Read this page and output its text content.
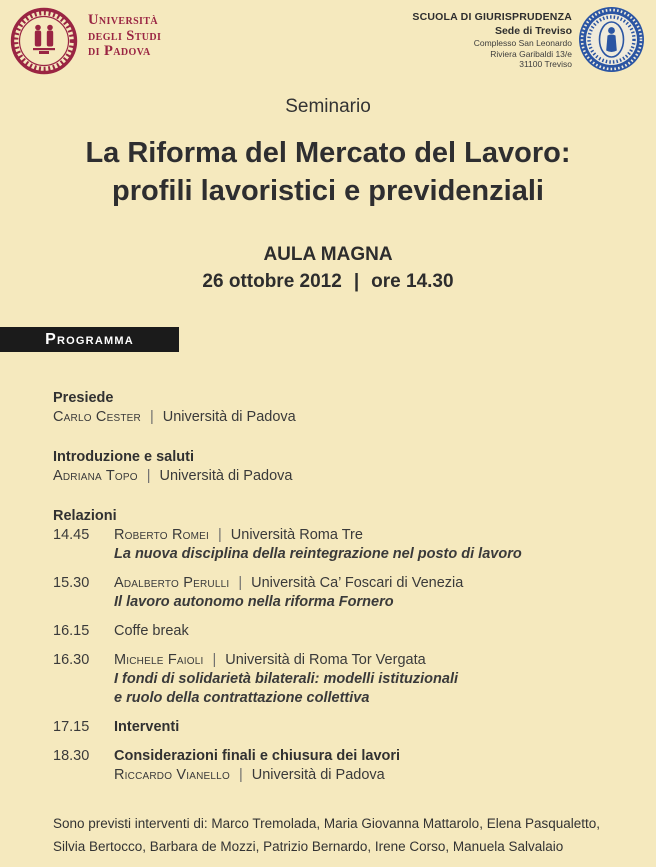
Università
degli Studi
di Padova
SCUOLA DI GIURISPRUDENZA
Sede di Treviso
Complesso San Leonardo
Riviera Garibaldi 13/e
31100 Treviso
Seminario
La Riforma del Mercato del Lavoro:
profili lavoristici e previdenziali
AULA MAGNA
26 ottobre 2012 | ore 14.30
Programma
Presiede
Carlo Cester | Università di Padova
Introduzione e saluti
Adriana Topo | Università di Padova
Relazioni
14.45	Roberto Romei | Università Roma Tre
La nuova disciplina della reintegrazione nel posto di lavoro
15.30	Adalberto Perulli | Università Ca’ Foscari di Venezia
Il lavoro autonomo nella riforma Fornero
16.15	Coffe break
16.30	Michele Faioli | Università di Roma Tor Vergata
I fondi di solidarietà bilaterali: modelli istituzionali
e ruolo della contrattazione collettiva
17.15	Interventi
18.30	Considerazioni finali e chiusura dei lavori
Riccardo Vianello | Università di Padova
Sono previsti interventi di: Marco Tremolada, Maria Giovanna Mattarolo, Elena Pasqualetto,
Silvia Bertocco, Barbara de Mozzi, Patrizio Bernardo, Irene Corso, Manuela Salvalaio
